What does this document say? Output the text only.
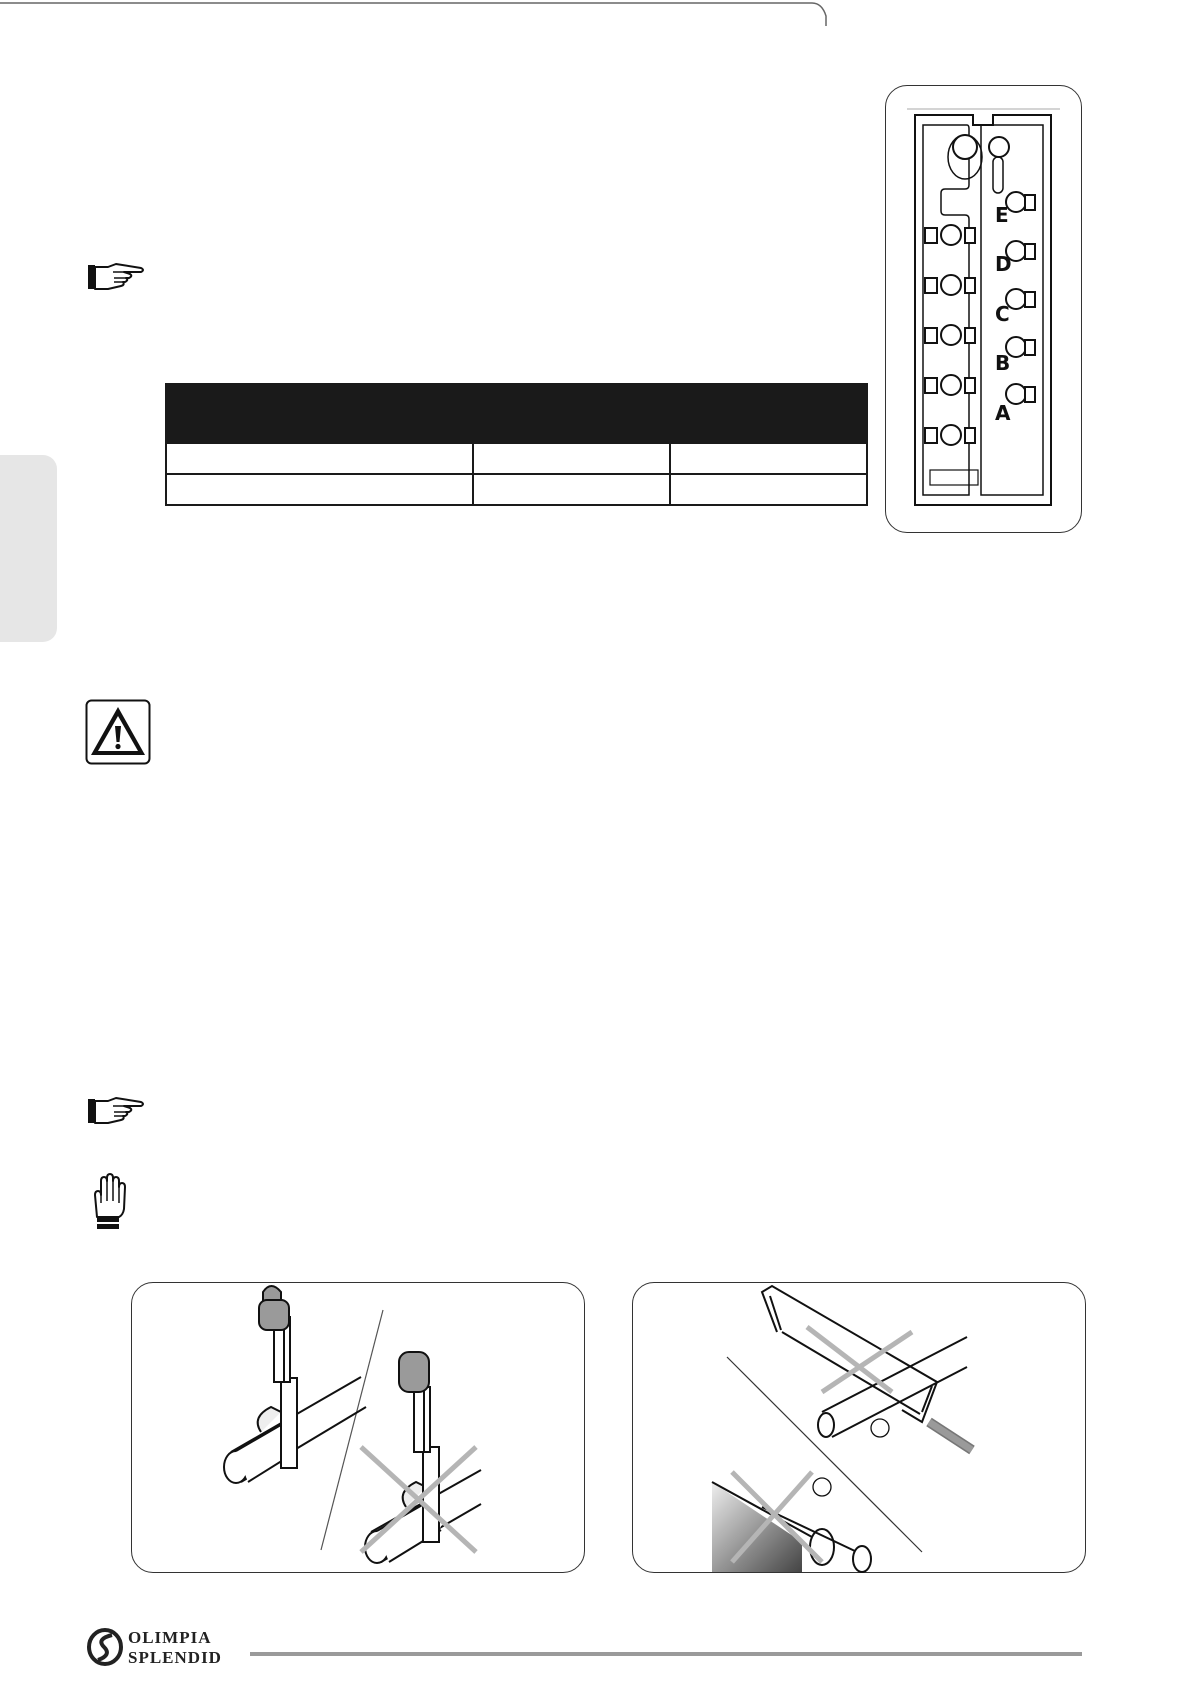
E
D
C
B
A
OLIMPIA
SPLENDID
